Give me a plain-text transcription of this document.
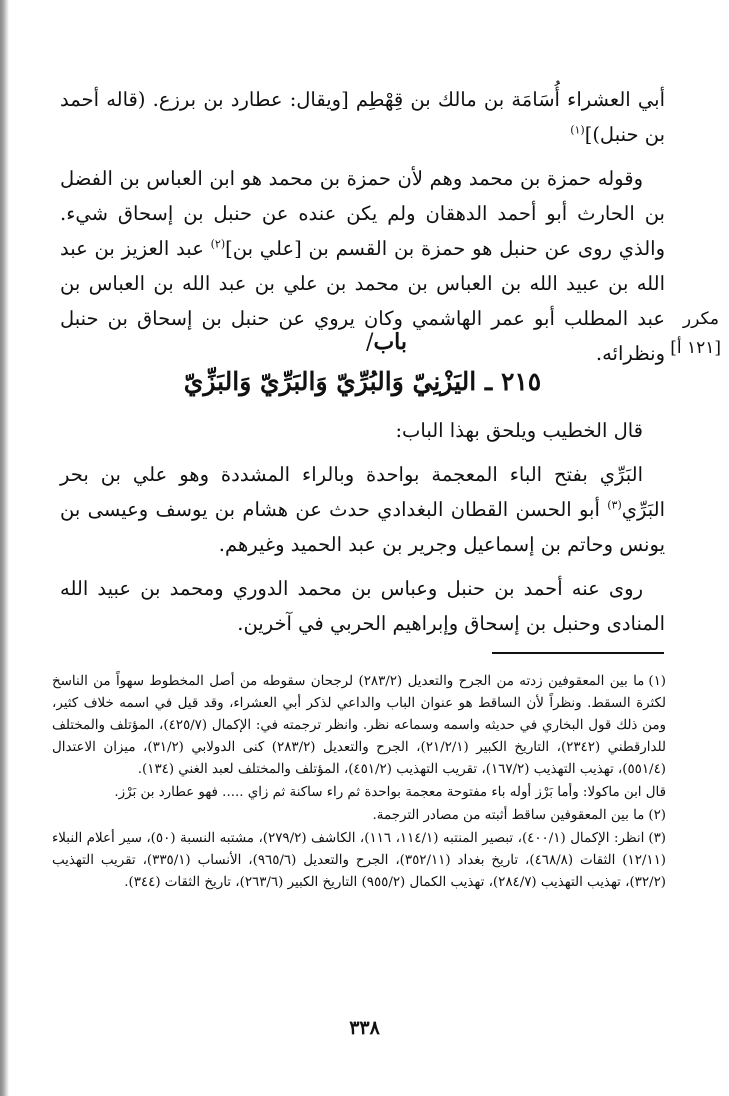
أبي العشراء أُسَامَة بن مالك بن قِهْطِم [ويقال: عطارد بن برزع. (قاله أحمد بن حنبل)]$^{(١)}$

وقوله حمزة بن محمد وهم لأن حمزة بن محمد هو ابن العباس بن الفضل بن الحارث أبو أحمد الدهقان ولم يكن عنده عن حنبل بن إسحاق شيء. والذي روى عن حنبل هو حمزة بن القسم بن [علي بن]$^{(٢)}$ عبد العزيز بن عبد الله بن عبيد الله بن العباس بن محمد بن علي بن عبد الله بن العباس بن عبد المطلب أبو عمر الهاشمي وكان يروي عن حنبل بن إسحاق بن حنبل ونظرائه.

مكرر
[١٢١ أ]
باب/
٢١٥ ـ اليَزْنِيّ وَالبُرِّيّ وَالبَرِّيّ وَالبَزِّيّ

قال الخطيب ويلحق بهذا الباب:

البَرِّي بفتح الباء المعجمة بواحدة وبالراء المشددة وهو علي بن بحر البَرِّي$^{(٣)}$ أبو الحسن القطان البغدادي حدث عن هشام بن يوسف وعيسى بن يونس وحاتم بن إسماعيل وجرير بن عبد الحميد وغيرهم.

روى عنه أحمد بن حنبل وعباس بن محمد الدوري ومحمد بن عبيد الله المنادى وحنبل بن إسحاق وإبراهيم الحربي في آخرين.

(١)ما بين المعقوفين زدته من الجرح والتعديل (٢٨٣/٢) لرجحان سقوطه من أصل المخطوط سهواً من الناسخ لكثرة السقط. ونظراً لأن الساقط هو عنوان الباب والداعي لذكر أبي العشراء، وقد قيل في اسمه خلاف كثير، ومن ذلك قول البخاري في حديثه واسمه وسماعه نظر. وانظر ترجمته في: الإكمال (٤٢٥/٧)، المؤتلف والمختلف للدارقطني (٢٣٤٢)، التاريخ الكبير (٢١/٢/١)، الجرح والتعديل (٢٨٣/٢) كنى الدولابي (٣١/٢)، ميزان الاعتدال (٥٥١/٤)، تهذيب التهذيب (١٦٧/٢)، تقريب التهذيب (٤٥١/٢)، المؤتلف والمختلف لعبد الغني (١٣٤).

قال ابن ماكولا: وأما بَرْز أوله باء مفتوحة معجمة بواحدة ثم راء ساكنة ثم زاي ..... فهو عطارد بن بَرْز.

(٢)ما بين المعقوفين ساقط أثبته من مصادر الترجمة.

(٣)انظر: الإكمال (٤٠٠/١)، تبصير المنتبه (١١٤/١، ١١٦)، الكاشف (٢٧٩/٢)، مشتبه النسبة (٥٠)، سير أعلام النبلاء (١٢/١١) الثقات (٤٦٨/٨)، تاريخ بغداد (٣٥٢/١١)، الجرح والتعديل (٩٦٥/٦)، الأنساب (٣٣٥/١)، تقريب التهذيب (٣٢/٢)، تهذيب التهذيب (٢٨٤/٧)، تهذيب الكمال (٩٥٥/٢) التاريخ الكبير (٢٦٣/٦)، تاريخ الثقات (٣٤٤).

٣٣٨
